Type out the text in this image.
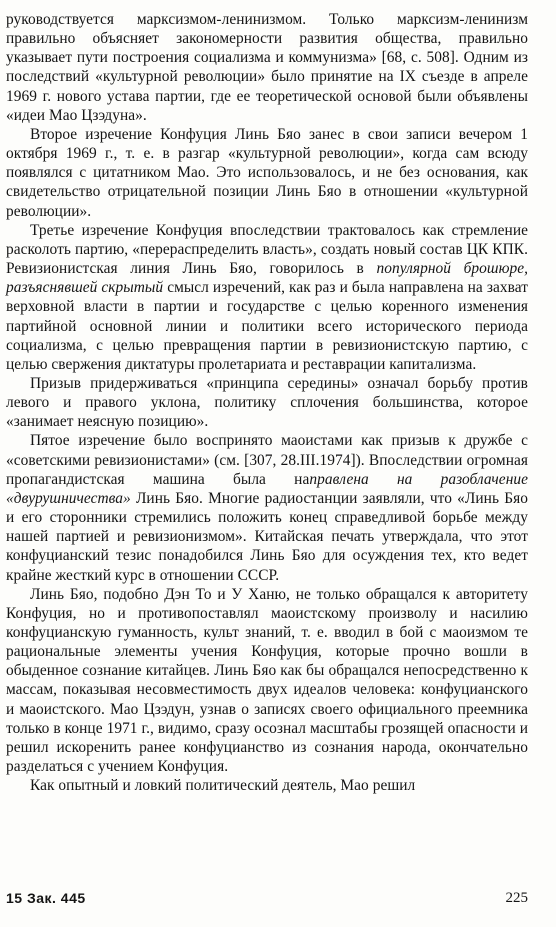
руководствуется марксизмом-ленинизмом. Только марксизм-ленинизм правильно объясняет закономерности развития общества, правильно указывает пути построения социализма и коммунизма» [68, с. 508]. Одним из последствий «культурной революции» было принятие на IX съезде в апреле 1969 г. нового устава партии, где ее теоретической основой были объявлены «идеи Мао Цзэдуна».

Второе изречение Конфуция Линь Бяо занес в свои записи вечером 1 октября 1969 г., т. е. в разгар «культурной революции», когда сам всюду появлялся с цитатником Мао. Это использовалось, и не без основания, как свидетельство отрицательной позиции Линь Бяо в отношении «культурной революции».

Третье изречение Конфуция впоследствии трактовалось как стремление расколоть партию, «перераспределить власть», создать новый состав ЦК КПК. Ревизионистская линия Линь Бяо, говорилось в популярной брошюре, разъяснявшей скрытый смысл изречений, как раз и была направлена на захват верховной власти в партии и государстве с целью коренного изменения партийной основной линии и политики всего исторического периода социализма, с целью превращения партии в ревизионистскую партию, с целью свержения диктатуры пролетариата и реставрации капитализма.

Призыв придерживаться «принципа середины» означал борьбу против левого и правого уклона, политику сплочения большинства, которое «занимает неясную позицию».

Пятое изречение было воспринято маоистами как призыв к дружбе с «советскими ревизионистами» (см. [307, 28.III.1974]). Впоследствии огромная пропагандистская машина была направлена на разоблачение «двурушничества» Линь Бяо. Многие радиостанции заявляли, что «Линь Бяо и его сторонники стремились положить конец справедливой борьбе между нашей партией и ревизионизмом». Китайская печать утверждала, что этот конфуцианский тезис понадобился Линь Бяо для осуждения тех, кто ведет крайне жесткий курс в отношении СССР.

Линь Бяо, подобно Дэн То и У Ханю, не только обращался к авторитету Конфуция, но и противопоставлял маоистскому произволу и насилию конфуцианскую гуманность, культ знаний, т. е. вводил в бой с маоизмом те рациональные элементы учения Конфуция, которые прочно вошли в обыденное сознание китайцев. Линь Бяо как бы обращался непосредственно к массам, показывая несовместимость двух идеалов человека: конфуцианского и маоистского. Мао Цзэдун, узнав о записях своего официального преемника только в конце 1971 г., видимо, сразу осознал масштабы грозящей опасности и решил искоренить ранее конфуцианство из сознания народа, окончательно разделаться с учением Конфуция.

Как опытный и ловкий политический деятель, Мао решил

15 Зак. 445	225
